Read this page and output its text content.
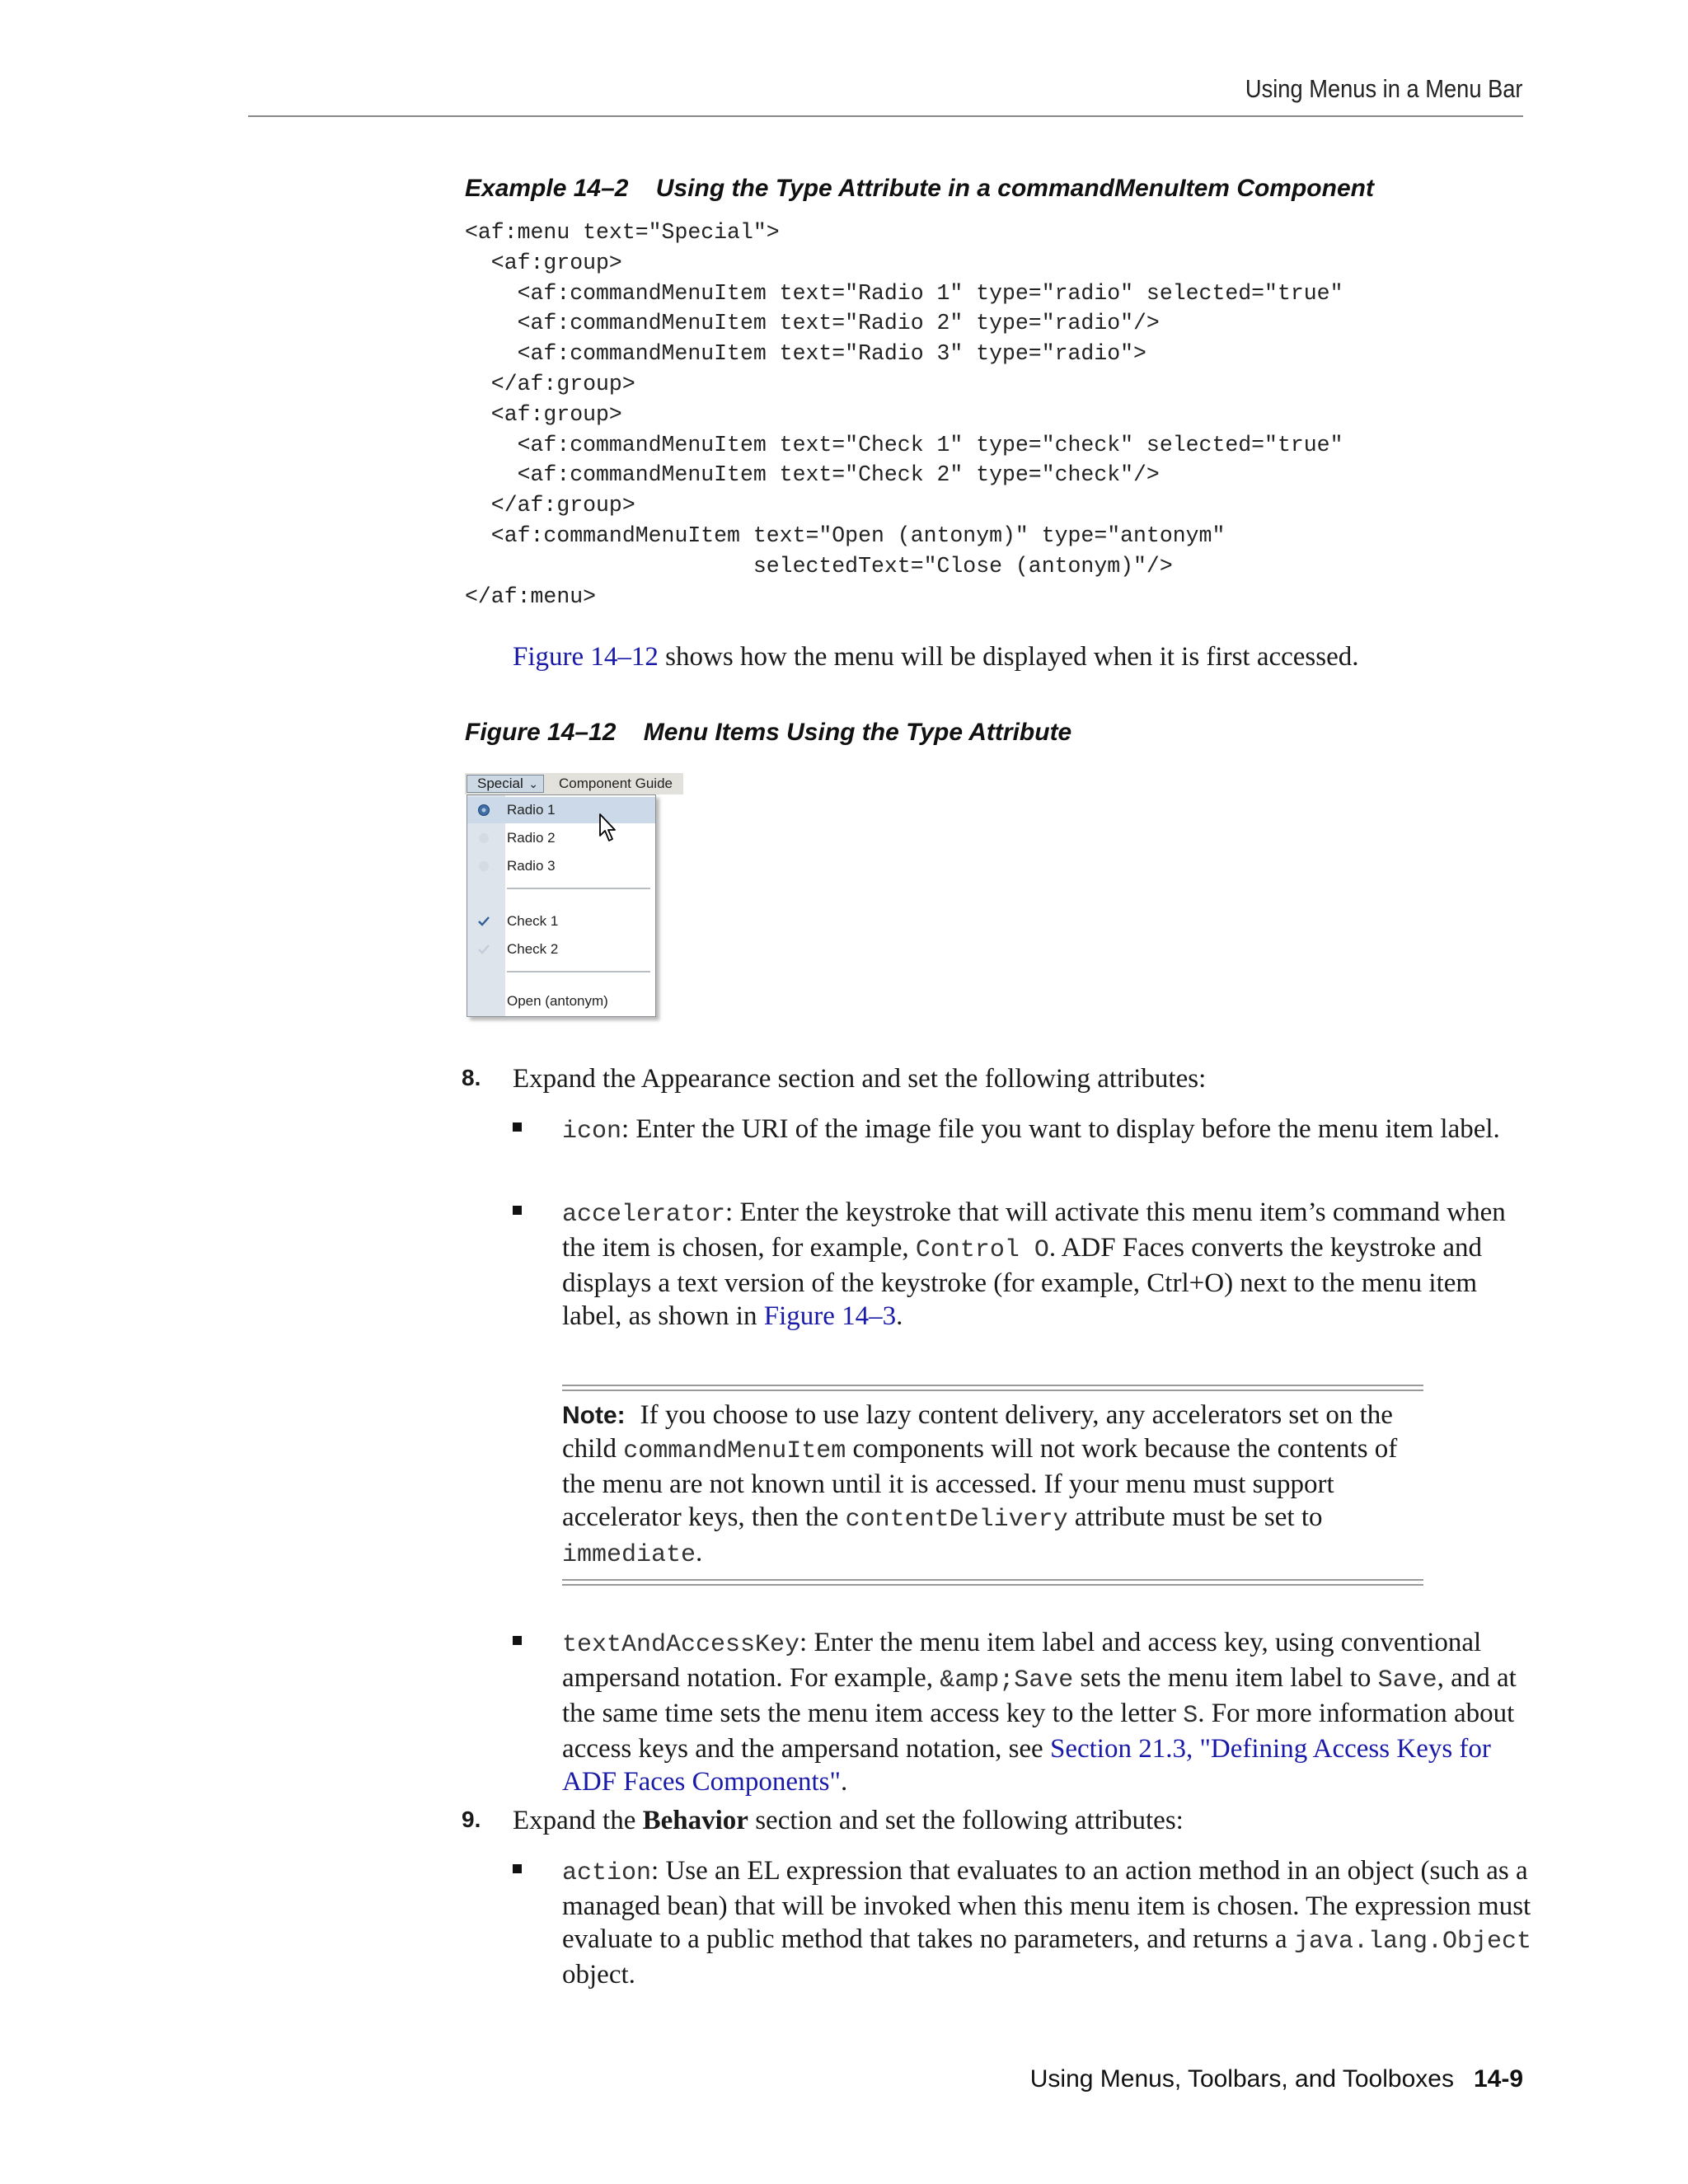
Using Menus in a Menu Bar
Example 14–2    Using the Type Attribute in a commandMenuItem Component
<af:menu text="Special">
<af:group>
<af:commandMenuItem text="Radio 1" type="radio" selected="true"
<af:commandMenuItem text="Radio 2" type="radio"/>
<af:commandMenuItem text="Radio 3" type="radio">
</af:group>
<af:group>
<af:commandMenuItem text="Check 1" type="check" selected="true"
<af:commandMenuItem text="Check 2" type="check"/>
</af:group>
<af:commandMenuItem text="Open (antonym)" type="antonym"
selectedText="Close (antonym)"/>
</af:menu>

Figure 14–12 shows how the menu will be displayed when it is first accessed.

Figure 14–12    Menu Items Using the Type Attribute
Special ⌄ Component Guide
Radio 1
Radio 2
Radio 3
Check 1
Check 2
Open (antonym)
8. Expand the Appearance section and set the following attributes:

icon: Enter the URI of the image file you want to display before the menu item label.

accelerator: Enter the keystroke that will activate this menu item’s command when the item is chosen, for example, Control O. ADF Faces converts the keystroke and displays a text version of the keystroke (for example, Ctrl+O) next to the menu item label, as shown in Figure 14–3.

Note: If you choose to use lazy content delivery, any accelerators set on the child commandMenuItem components will not work because the contents of the menu are not known until it is accessed. If your menu must support accelerator keys, then the contentDelivery attribute must be set to immediate.

textAndAccessKey: Enter the menu item label and access key, using conventional ampersand notation. For example, &amp;Save sets the menu item label to Save, and at the same time sets the menu item access key to the letter S. For more information about access keys and the ampersand notation, see Section 21.3, "Defining Access Keys for ADF Faces Components".

9. Expand the Behavior section and set the following attributes:

action: Use an EL expression that evaluates to an action method in an object (such as a managed bean) that will be invoked when this menu item is chosen. The expression must evaluate to a public method that takes no parameters, and returns a java.lang.Object object.

Using Menus, Toolbars, and Toolboxes 14-9
